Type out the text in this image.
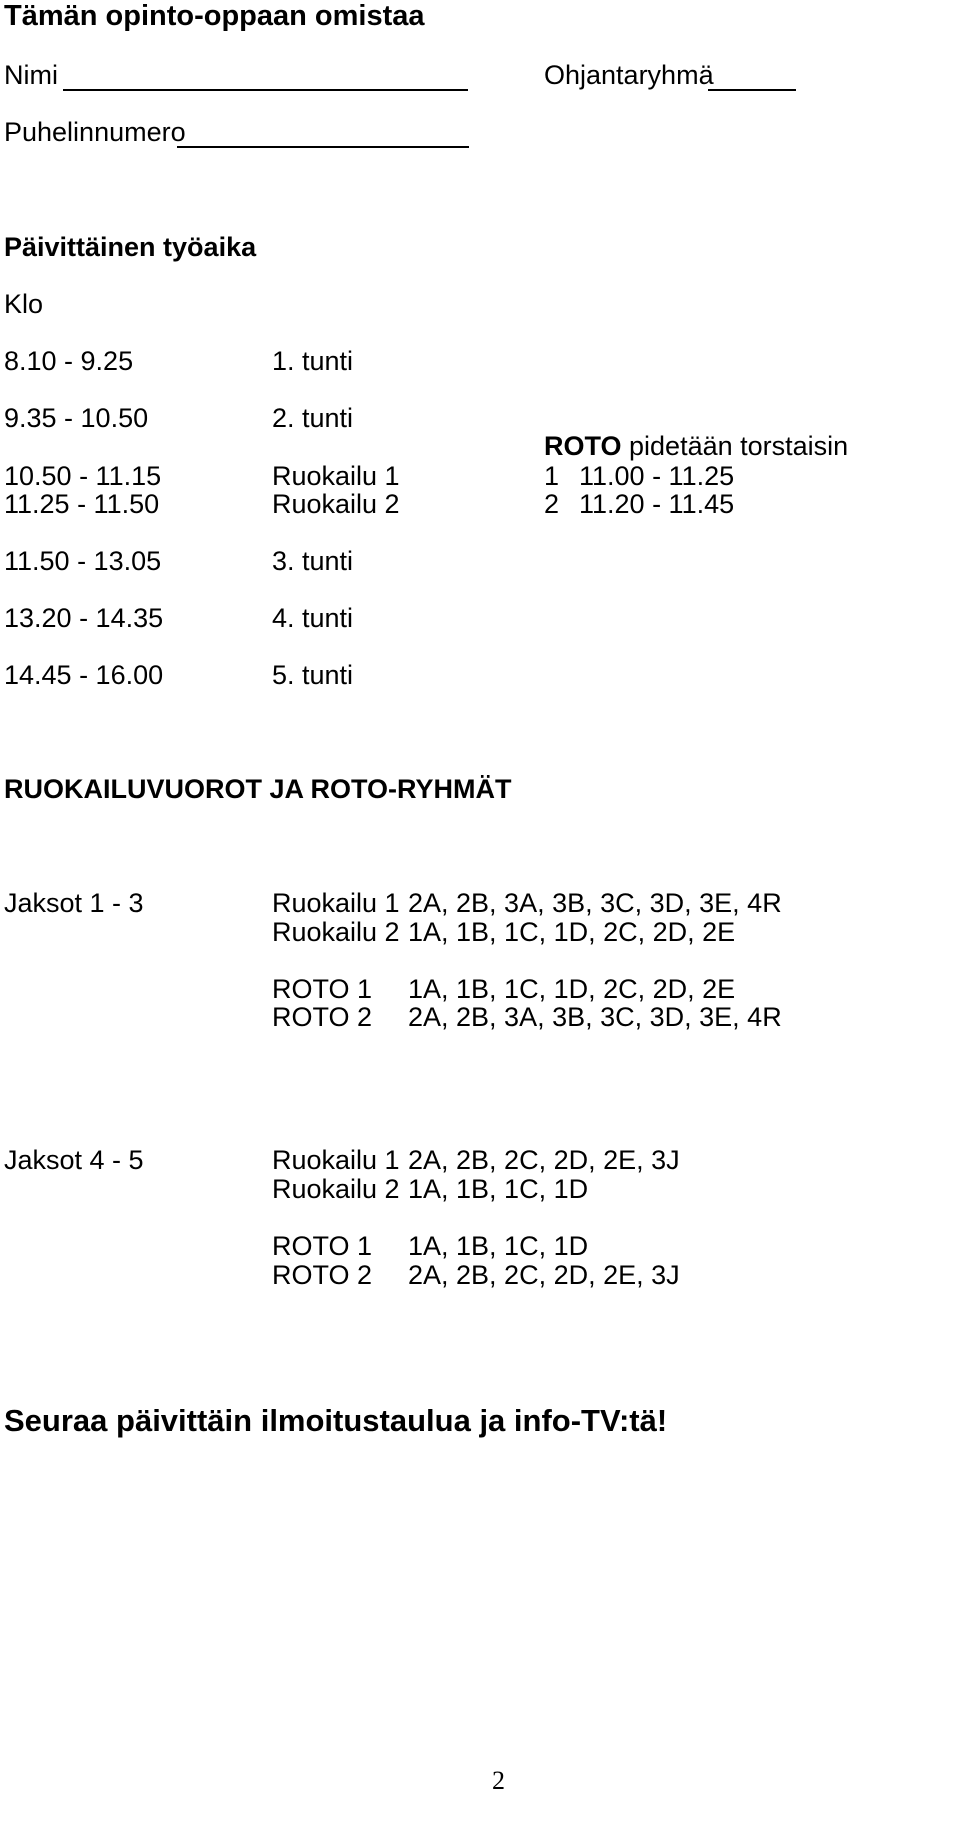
Tämän opinto-oppaan omistaa
Nimi	Ohjantaryhmä
Puhelinnumero
Päivittäinen työaika
Klo
ROTO pidetään torstaisin
8.10 - 9.25	1. tunti
9.35 - 10.50	2. tunti
10.50 - 11.15	Ruokailu 1	1 11.00 - 11.25
11.25 - 11.50	Ruokailu 2	2 11.20 - 11.45
11.50 - 13.05	3. tunti
13.20 - 14.35	4. tunti
14.45 - 16.00	5. tunti
RUOKAILUVUOROT JA ROTO-RYHMÄT
Jaksot 1 - 3	Ruokailu 1 2A, 2B, 3A, 3B, 3C, 3D, 3E, 4R
Ruokailu 2 1A, 1B, 1C, 1D, 2C, 2D, 2E
ROTO 1 1A, 1B, 1C, 1D, 2C, 2D, 2E
ROTO 2 2A, 2B, 3A, 3B, 3C, 3D, 3E, 4R
Jaksot 4 - 5	Ruokailu 1 2A, 2B, 2C, 2D, 2E, 3J
Ruokailu 2 1A, 1B, 1C, 1D
ROTO 1 1A, 1B, 1C, 1D
ROTO 2 2A, 2B, 2C, 2D, 2E, 3J
Seuraa päivittäin ilmoitustaulua ja info-TV:tä!
2
